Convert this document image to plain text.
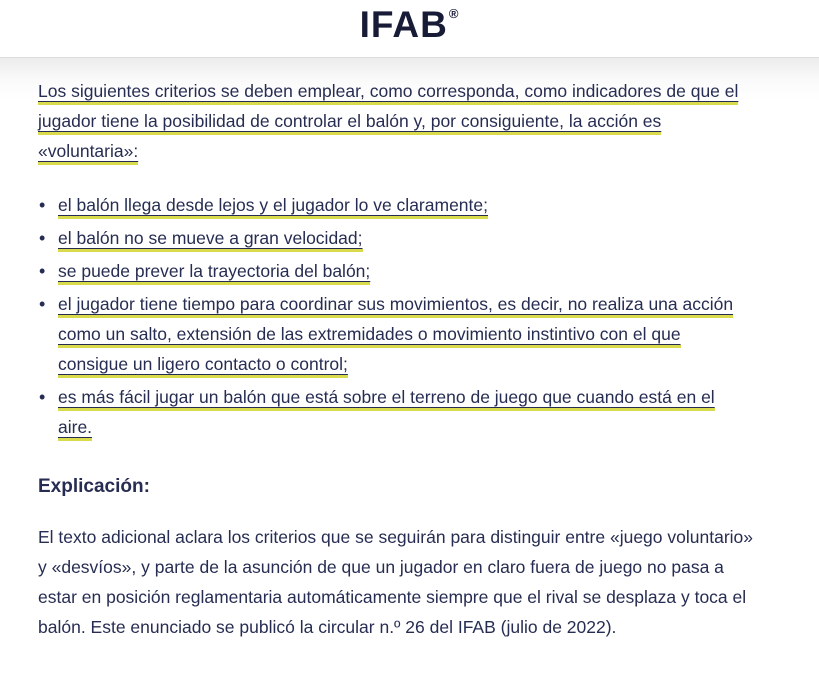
IFAB®

Los siguientes criterios se deben emplear, como corresponda, como indicadores de que el jugador tiene la posibilidad de controlar el balón y, por consiguiente, la acción es «voluntaria»:

• el balón llega desde lejos y el jugador lo ve claramente;
• el balón no se mueve a gran velocidad;
• se puede prever la trayectoria del balón;
• el jugador tiene tiempo para coordinar sus movimientos, es decir, no realiza una acción como un salto, extensión de las extremidades o movimiento instintivo con el que consigue un ligero contacto o control;
• es más fácil jugar un balón que está sobre el terreno de juego que cuando está en el aire.
Explicación:

El texto adicional aclara los criterios que se seguirán para distinguir entre «juego voluntario» y «desvíos», y parte de la asunción de que un jugador en claro fuera de juego no pasa a estar en posición reglamentaria automáticamente siempre que el rival se desplaza y toca el balón. Este enunciado se publicó la circular n.º 26 del IFAB (julio de 2022).
